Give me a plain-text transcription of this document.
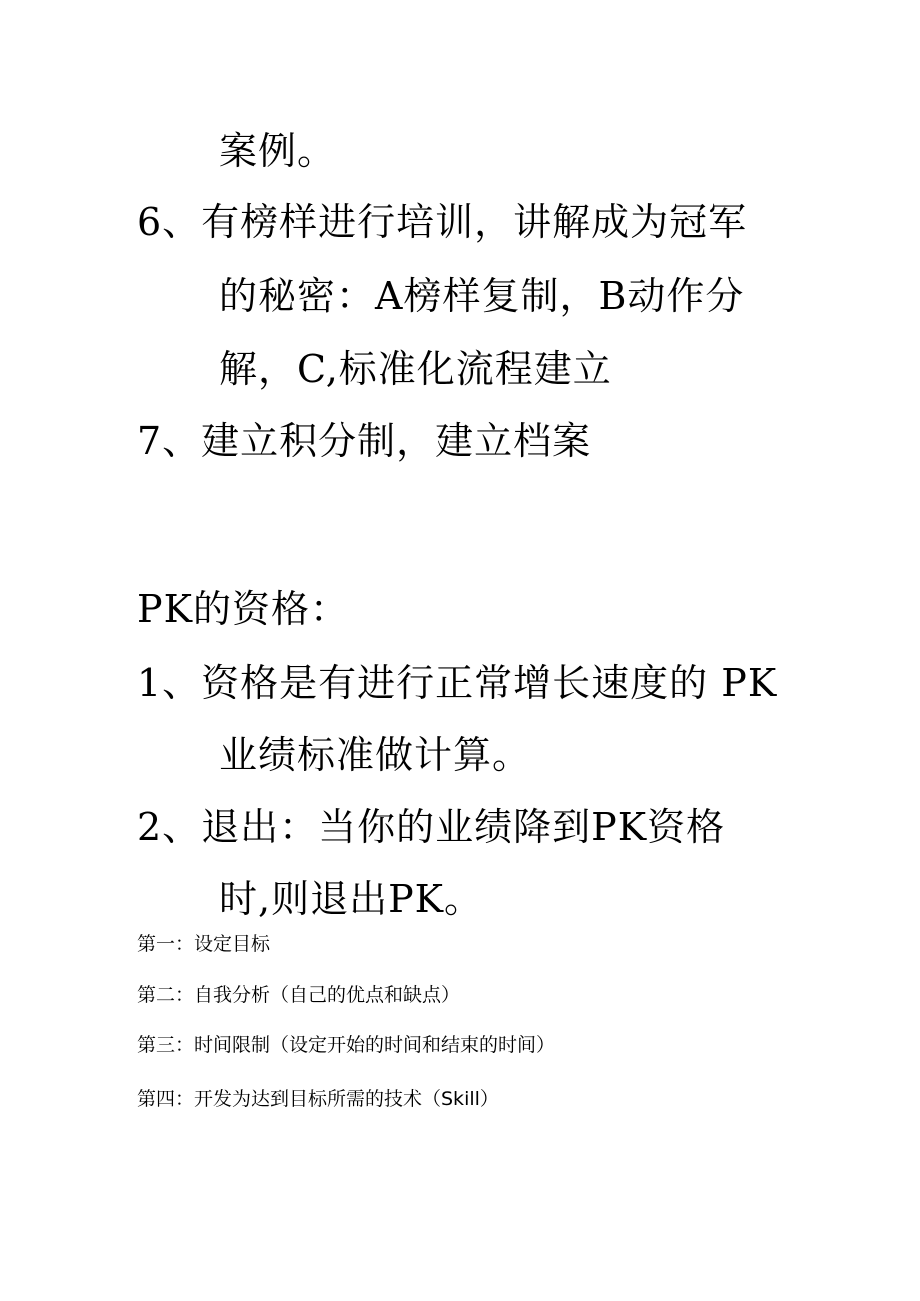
案例。
6、有榜样进行培训，讲解成为冠军
的秘密：A榜样复制，B动作分
解，C,标准化流程建立
7、建立积分制，建立档案
PK的资格：
1、资格是有进行正常增长速度的 PK
业绩标准做计算。
2、退出：当你的业绩降到PK资格
时,则退出PK。
第一：设定目标
第二：自我分析（自己的优点和缺点）
第三：时间限制（设定开始的时间和结束的时间）
第四：开发为达到目标所需的技术（Skill）
